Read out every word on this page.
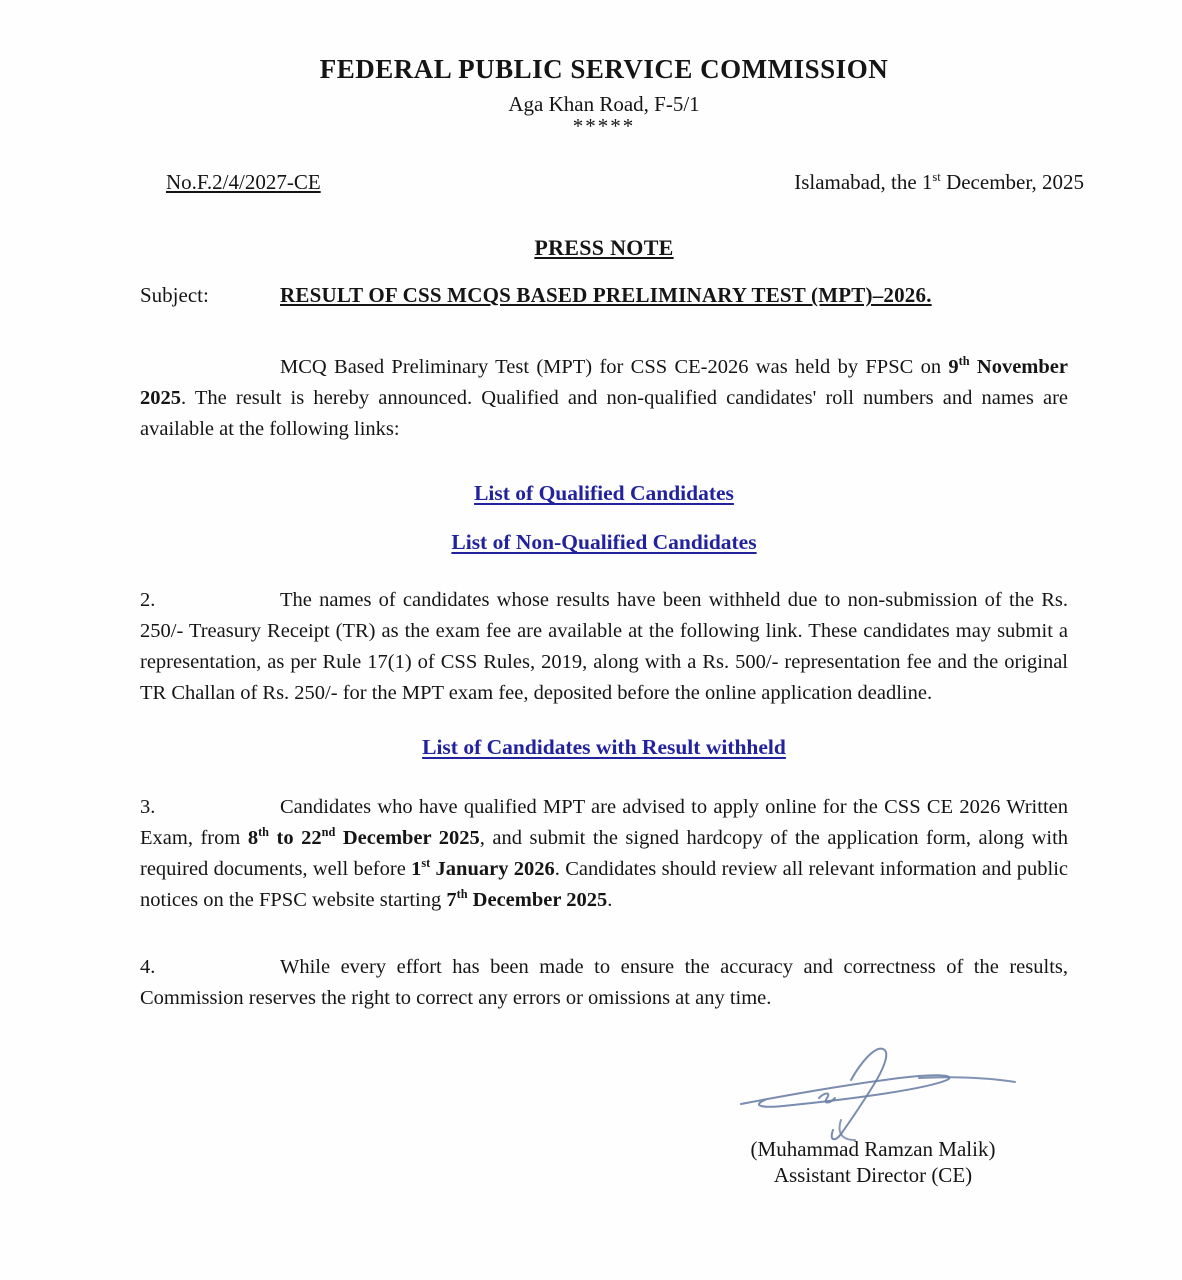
FEDERAL PUBLIC SERVICE COMMISSION
Aga Khan Road, F-5/1
*****
No.F.2/4/2027-CE	Islamabad, the 1st December, 2025
PRESS NOTE
Subject:	RESULT OF CSS MCQS BASED PRELIMINARY TEST (MPT)–2026.

MCQ Based Preliminary Test (MPT) for CSS CE-2026 was held by FPSC on 9th November 2025. The result is hereby announced. Qualified and non-qualified candidates' roll numbers and names are available at the following links:

List of Qualified Candidates
List of Non-Qualified Candidates

2.	The names of candidates whose results have been withheld due to non-submission of the Rs. 250/- Treasury Receipt (TR) as the exam fee are available at the following link. These candidates may submit a representation, as per Rule 17(1) of CSS Rules, 2019, along with a Rs. 500/- representation fee and the original TR Challan of Rs. 250/- for the MPT exam fee, deposited before the online application deadline.

List of Candidates with Result withheld

3.	Candidates who have qualified MPT are advised to apply online for the CSS CE 2026 Written Exam, from 8th to 22nd December 2025, and submit the signed hardcopy of the application form, along with required documents, well before 1st January 2026. Candidates should review all relevant information and public notices on the FPSC website starting 7th December 2025.

4.	While every effort has been made to ensure the accuracy and correctness of the results, Commission reserves the right to correct any errors or omissions at any time.

(Muhammad Ramzan Malik)
Assistant Director (CE)
